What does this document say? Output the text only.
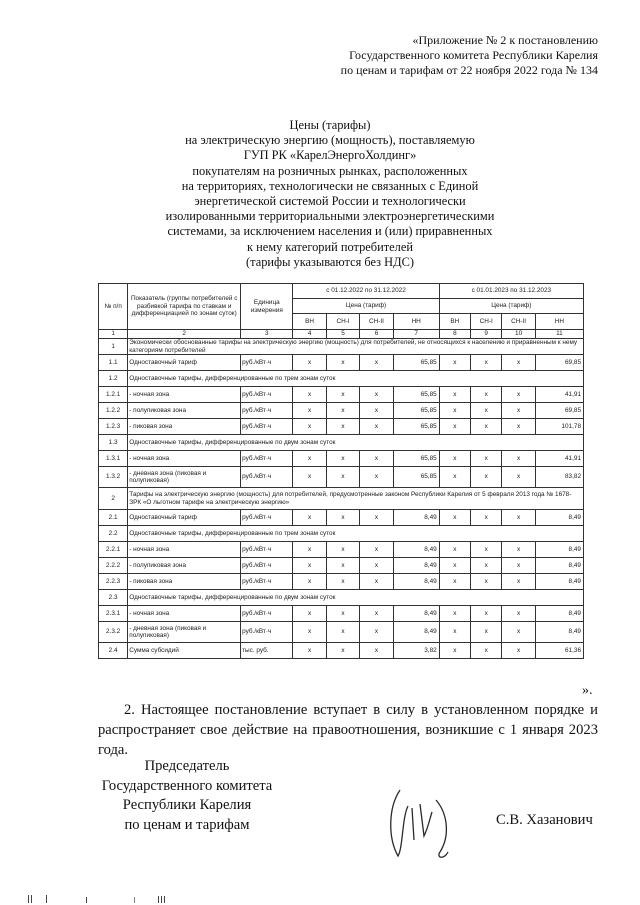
«Приложение № 2 к постановлению
Государственного комитета Республики Карелия
по ценам и тарифам от 22 ноября 2022 года № 134
Цены (тарифы)
на электрическую энергию (мощность), поставляемую
ГУП РК «КарелЭнергоХолдинг»
покупателям на розничных рынках, расположенных
на территориях, технологически не связанных с Единой
энергетической системой России и технологически
изолированными территориальными электроэнергетическими
системами, за исключением населения и (или) приравненных
к нему категорий потребителей
(тарифы указываются без НДС)
№ п/п	Показатель (группы потребителей с разбивкой тарифа по ставкам и дифференциацией по зонам суток)	Единица измерения	с 01.12.2022 по 31.12.2022				с 01.01.2023 по 31.12.2023			
			Цена (тариф)				Цена (тариф)			
			ВН	СН-I	СН-II	НН	ВН	СН-I	СН-II	НН
1	2	3	4	5	6	7	8	9	10	11
1	Экономически обоснованные тарифы на электрическую энергию (мощность) для потребителей, не относящихся к населению и приравненным к нему категориям потребителей									
1.1	Одноставочный тариф	руб./кВт·ч	x	x	x	65,85	x	x	x	69,85
1.2	Одноставочные тарифы, дифференцированные по трем зонам суток									
1.2.1	- ночная зона	руб./кВт·ч	x	x	x	65,85	x	x	x	41,91
1.2.2	- полупиковая зона	руб./кВт·ч	x	x	x	65,85	x	x	x	69,85
1.2.3	- пиковая зона	руб./кВт·ч	x	x	x	65,85	x	x	x	101,78
1.3	Одноставочные тарифы, дифференцированные по двум зонам суток									
1.3.1	- ночная зона	руб./кВт·ч	x	x	x	65,85	x	x	x	41,91
1.3.2	- дневная зона (пиковая и полупиковая)	руб./кВт·ч	x	x	x	65,85	x	x	x	83,82
2	Тарифы на электрическую энергию (мощность) для потребителей, предусмотренные законом Республики Карелия от 5 февраля 2013 года № 1678-ЗРК «О льготном тарифе на электрическую энергию»									
2.1	Одноставочный тариф	руб./кВт·ч	x	x	x	8,49	x	x	x	8,49
2.2	Одноставочные тарифы, дифференцированные по трем зонам суток									
2.2.1	- ночная зона	руб./кВт·ч	x	x	x	8,49	x	x	x	8,49
2.2.2	- полупиковая зона	руб./кВт·ч	x	x	x	8,49	x	x	x	8,49
2.2.3	- пиковая зона	руб./кВт·ч	x	x	x	8,49	x	x	x	8,49
2.3	Одноставочные тарифы, дифференцированные по двум зонам суток									
2.3.1	- ночная зона	руб./кВт·ч	x	x	x	8,49	x	x	x	8,49
2.3.2	- дневная зона (пиковая и полупиковая)	руб./кВт·ч	x	x	x	8,49	x	x	x	8,49
2.4	Сумма субсидий	тыс. руб.	x	x	x	3,82	x	x	x	61,36
».
2. Настоящее постановление вступает в силу в установленном порядке и распространяет свое действие на правоотношения, возникшие с 1 января 2023 года.
Председатель
Государственного комитета
Республики Карелия
по ценам и тарифам	С.В. Хазанович
